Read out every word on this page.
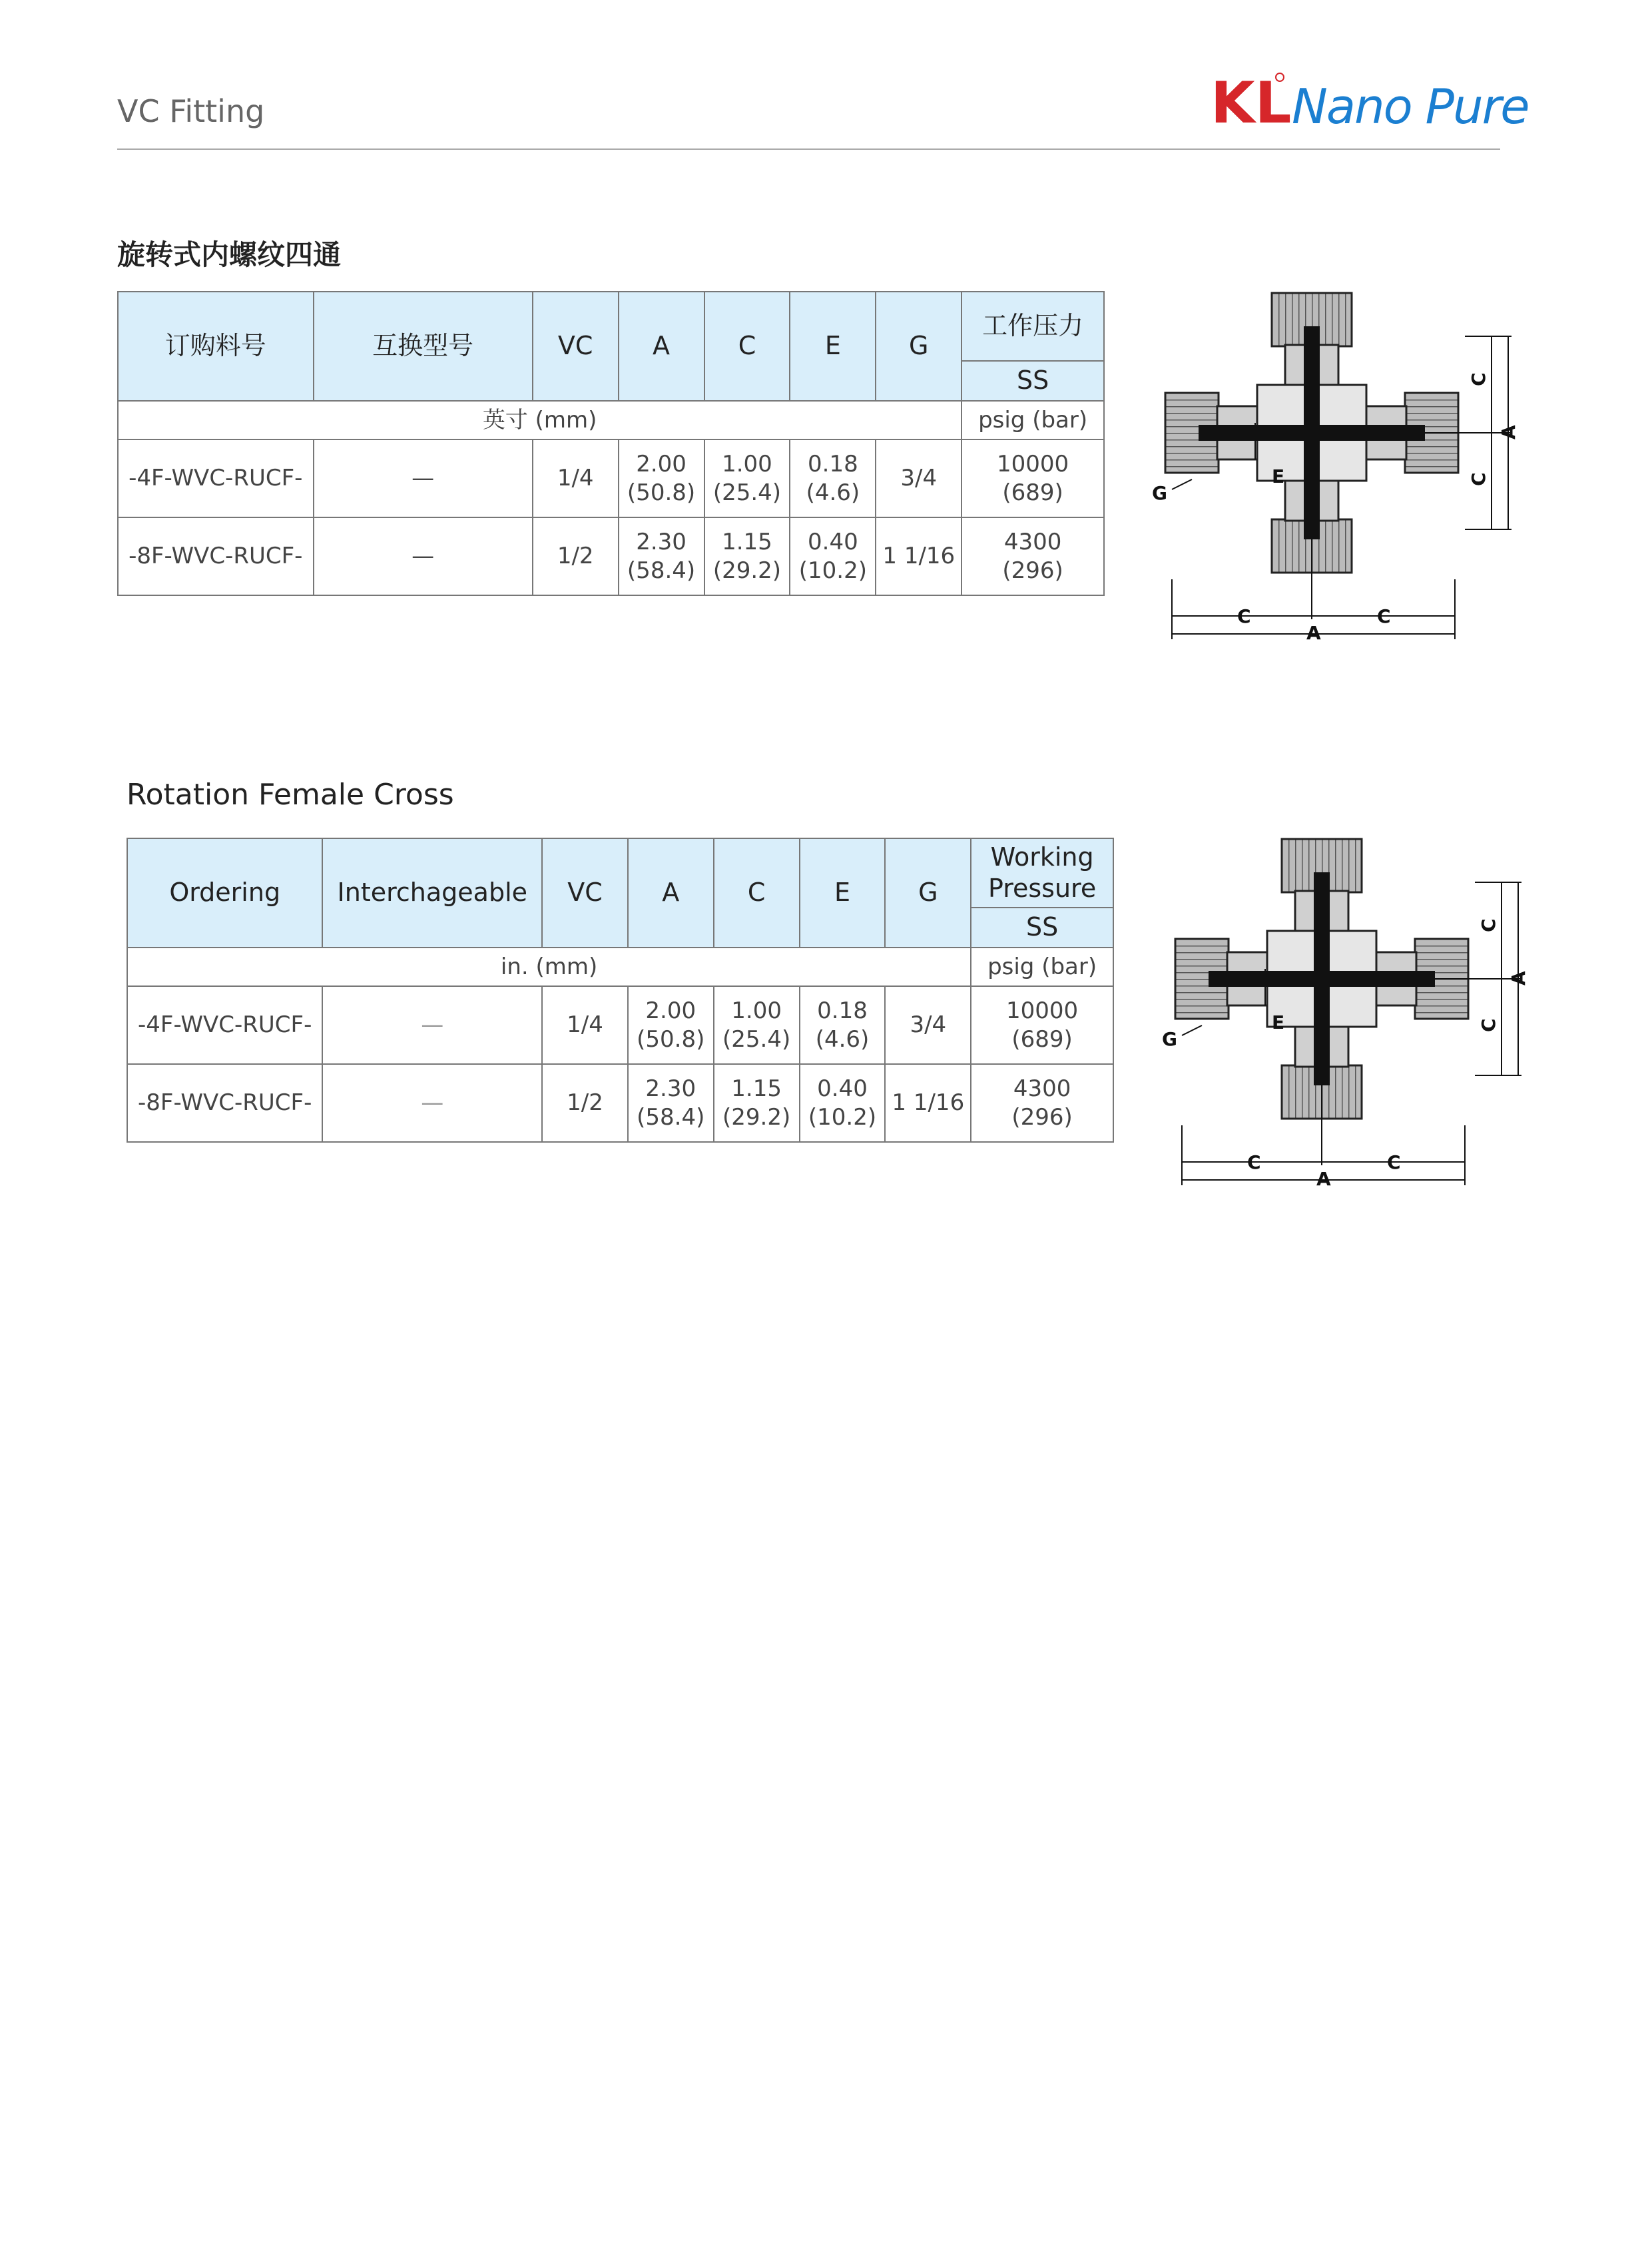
VC Fitting	KL Nano Pure
旋转式内螺纹四通
订购料号	互换型号	VC	A	C	E	G	工作压力
							SS
英寸 (mm)							psig (bar)
-4F-WVC-RUCF-	—	1/4	2.00
(50.8)	1.00
(25.4)	0.18
(4.6)	3/4	10000
(689)
-8F-WVC-RUCF-	—	1/2	2.30
(58.4)	1.15
(29.2)	0.40
(10.2)	1 1/16	4300
(296)
C
C
A
C	C
A
E
G
Rotation Female Cross
Ordering	Interchageable	VC	A	C	E	G	Working
Pressure
							SS
in. (mm)							psig (bar)
-4F-WVC-RUCF-	—	1/4	2.00
(50.8)	1.00
(25.4)	0.18
(4.6)	3/4	10000
(689)
-8F-WVC-RUCF-	—	1/2	2.30
(58.4)	1.15
(29.2)	0.40
(10.2)	1 1/16	4300
(296)
C
C
A
C	C
A
E
G
